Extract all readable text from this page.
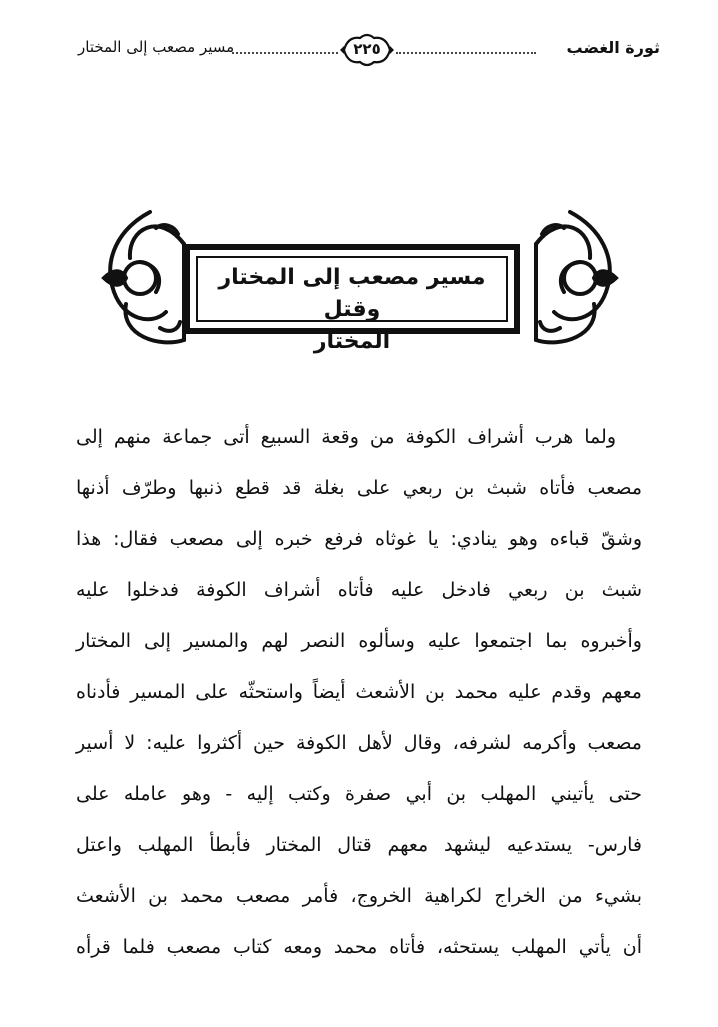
مسير مصعب إلى المختار	٢٢٥	ثورة الغضب
مسير مصعب إلى المختار وقتل
المختار
ولما هرب أشراف الكوفة من وقعة السبيع أتى جماعة منهم إلى
مصعب فأتاه شبث بن ربعي على بغلة قد قطع ذنبها وطرّف أذنها
وشقّ قباءه وهو ينادي: يا غوثاه فرفع خبره إلى مصعب فقال: هذا
شبث بن ربعي فادخل عليه فأتاه أشراف الكوفة فدخلوا عليه
وأخبروه بما اجتمعوا عليه وسألوه النصر لهم والمسير إلى المختار
معهم وقدم عليه محمد بن الأشعث أيضاً واستحثّه على المسير فأدناه
مصعب وأكرمه لشرفه، وقال لأهل الكوفة حين أكثروا عليه: لا أسير
حتى يأتيني المهلب بن أبي صفرة وكتب إليه - وهو عامله على
فارس- يستدعيه ليشهد معهم قتال المختار فأبطأ المهلب واعتل
بشيء من الخراج لكراهية الخروج، فأمر مصعب محمد بن الأشعث
أن يأتي المهلب يستحثه، فأتاه محمد ومعه كتاب مصعب فلما قرأه
